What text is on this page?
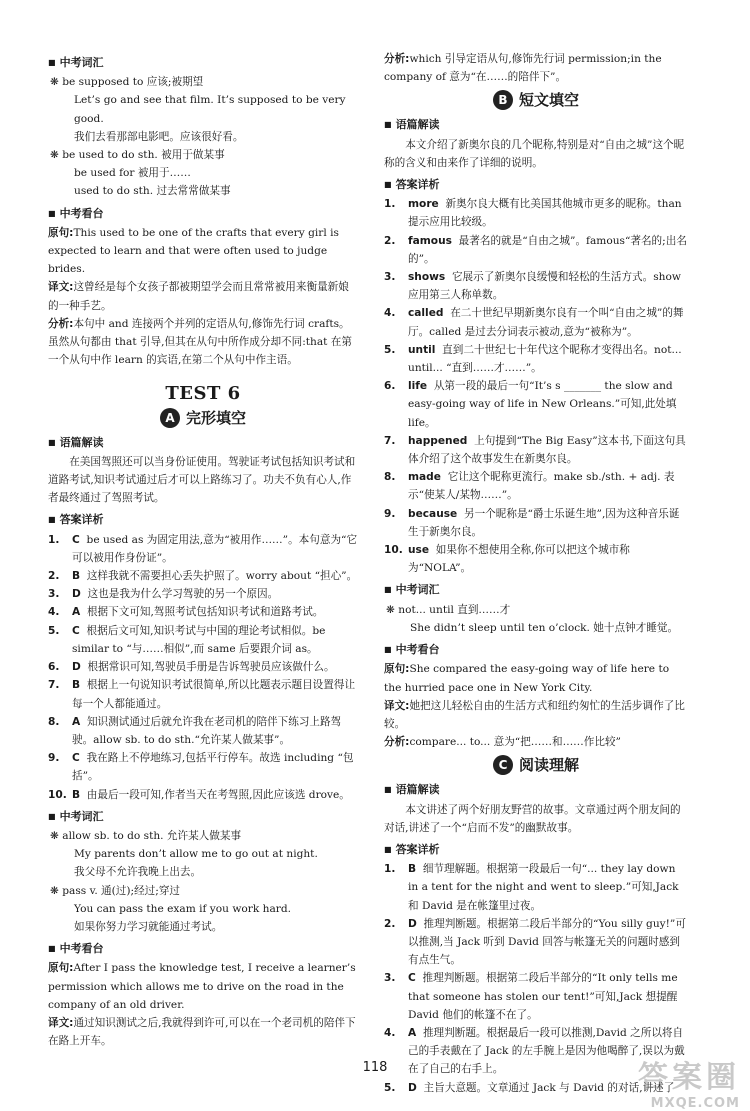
■ 中考词汇
❋ be supposed to 应该;被期望
Let’s go and see that film. It’s supposed to be very good.
我们去看那部电影吧。应该很好看。
❋ be used to do sth. 被用于做某事
be used for 被用于……
used to do sth. 过去常常做某事
■ 中考看台
原句:This used to be one of the crafts that every girl is expected to learn and that were often used to judge brides.
译文:这曾经是每个女孩子都被期望学会而且常常被用来衡量新娘的一种手艺。
分析:本句中 and 连接两个并列的定语从句,修饰先行词 crafts。虽然从句都由 that 引导,但其在从句中所作成分却不同:that 在第一个从句中作 learn 的宾语,在第二个从句中作主语。
TEST 6
A 完形填空
■ 语篇解读
在美国驾照还可以当身份证使用。驾驶证考试包括知识考试和道路考试,知识考试通过后才可以上路练习了。功夫不负有心人,作者最终通过了驾照考试。
■ 答案详析
1.	C be used as 为固定用法,意为“被用作……”。本句意为“它可以被用作身份证”。
2.	B 这样我就不需要担心丢失护照了。worry about “担心”。
3.	D 这也是我为什么学习驾驶的另一个原因。
4.	A 根据下文可知,驾照考试包括知识考试和道路考试。
5.	C 根据后文可知,知识考试与中国的理论考试相似。be similar to “与……相似”,而 same 后要跟介词 as。
6.	D 根据常识可知,驾驶员手册是告诉驾驶员应该做什么。
7.	B 根据上一句说知识考试很简单,所以比题表示题目设置得让每一个人都能通过。
8.	A 知识测试通过后就允许我在老司机的陪伴下练习上路驾驶。allow sb. to do sth.“允许某人做某事”。
9.	C 我在路上不停地练习,包括平行停车。故选 including “包括”。
10. B 由最后一段可知,作者当天在考驾照,因此应该选 drove。
■ 中考词汇
❋ allow sb. to do sth. 允许某人做某事
My parents don’t allow me to go out at night.
我父母不允许我晚上出去。
❋ pass v. 通(过);经过;穿过
You can pass the exam if you work hard.
如果你努力学习就能通过考试。
■ 中考看台
原句:After I pass the knowledge test, I receive a learner’s permission which allows me to drive on the road in the company of an old driver.
译文:通过知识测试之后,我就得到许可,可以在一个老司机的陪伴下在路上开车。
分析:which 引导定语从句,修饰先行词 permission;in the company of 意为“在……的陪伴下”。
B 短文填空
■ 语篇解读
本文介绍了新奥尔良的几个昵称,特别是对“自由之城”这个昵称的含义和由来作了详细的说明。
■ 答案详析
1.	more 新奥尔良大概有比美国其他城市更多的昵称。than 提示应用比较级。
2.	famous 最著名的就是“自由之城”。famous“著名的;出名的”。
3.	shows 它展示了新奥尔良缓慢和轻松的生活方式。show 应用第三人称单数。
4.	called 在二十世纪早期新奥尔良有一个叫“自由之城”的舞厅。called 是过去分词表示被动,意为“被称为”。
5.	until 直到二十世纪七十年代这个昵称才变得出名。not... until... “直到……才……”。
6.	life 从第一段的最后一句“It’s s _______ the slow and easy-going way of life in New Orleans.”可知,此处填 life。
7.	happened 上句提到“The Big Easy”这本书,下面这句具体介绍了这个故事发生在新奥尔良。
8.	made 它让这个昵称更流行。make sb./sth. + adj. 表示“使某人/某物……”。
9.	because 另一个昵称是“爵士乐诞生地”,因为这种音乐诞生于新奥尔良。
10. use 如果你不想使用全称,你可以把这个城市称为“NOLA”。
■ 中考词汇
❋ not... until 直到……才
She didn’t sleep until ten o’clock. 她十点钟才睡觉。
■ 中考看台
原句:She compared the easy-going way of life here to the hurried pace one in New York City.
译文:她把这儿轻松自由的生活方式和纽约匆忙的生活步调作了比较。
分析:compare... to... 意为“把……和……作比较”
C 阅读理解
■ 语篇解读
本文讲述了两个好朋友野营的故事。文章通过两个朋友间的对话,讲述了一个“启而不发”的幽默故事。
■ 答案详析
1.	B 细节理解题。根据第一段最后一句“... they lay down in a tent for the night and went to sleep.”可知,Jack 和 David 是在帐篷里过夜。
2.	D 推理判断题。根据第二段后半部分的“You silly guy!”可以推测,当 Jack 听到 David 回答与帐篷无关的问题时感到有点生气。
3.	C 推理判断题。根据第二段后半部分的“It only tells me that someone has stolen our tent!”可知,Jack 想提醒 David 他们的帐篷不在了。
4.	A 推理判断题。根据最后一段可以推测,David 之所以将自己的手表戴在了 Jack 的左手腕上是因为他喝醉了,误以为戴在了自己的右手上。
5.	D 主旨大意题。文章通过 Jack 与 David 的对话,讲述了
118	答案圈
MXQE.COM
